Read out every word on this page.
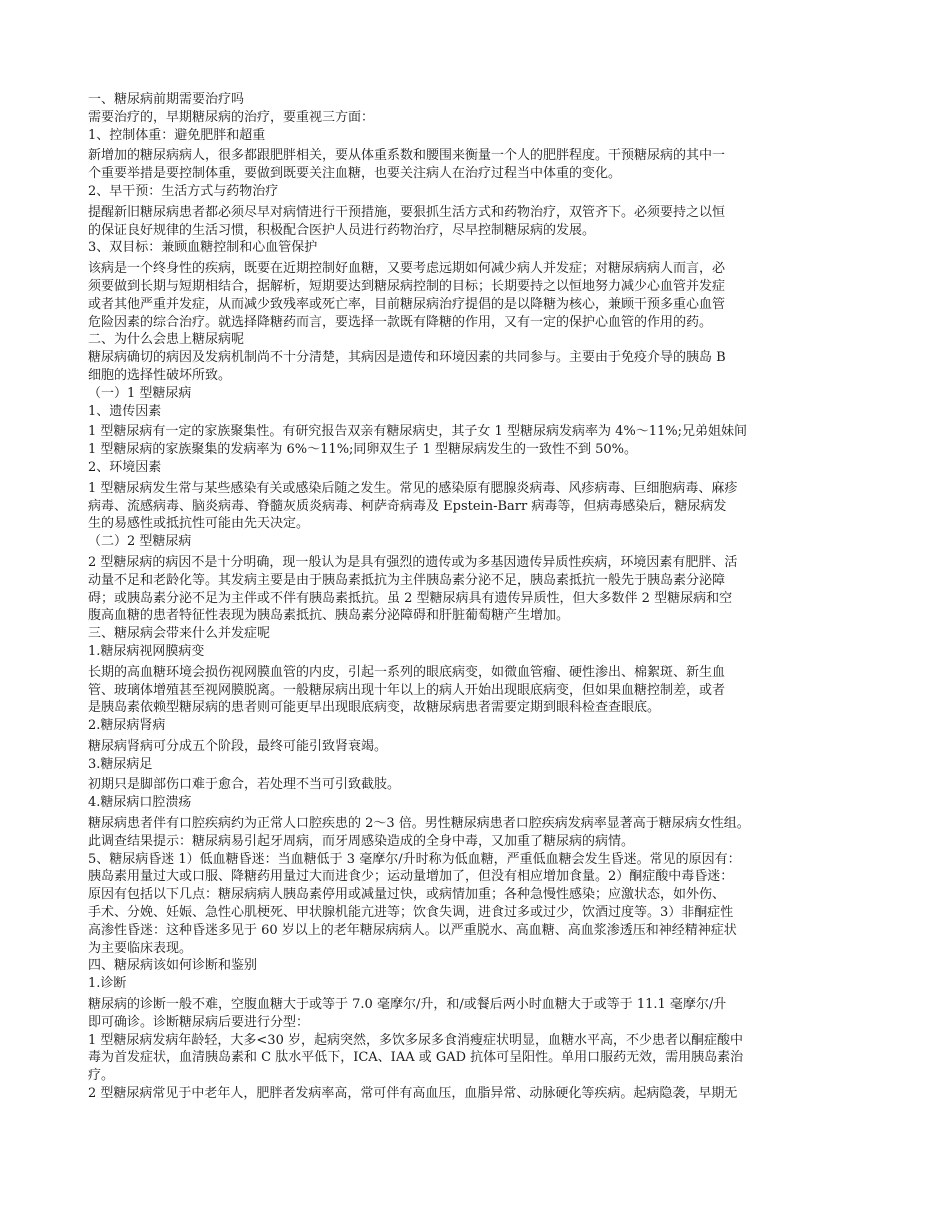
一、糖尿病前期需要治疗吗

需要治疗的，早期糖尿病的治疗，要重视三方面：

1、控制体重：避免肥胖和超重

新增加的糖尿病病人，很多都跟肥胖相关，要从体重系数和腰围来衡量一个人的肥胖程度。干预糖尿病的其中一

个重要举措是要控制体重，要做到既要关注血糖，也要关注病人在治疗过程当中体重的变化。

2、早干预：生活方式与药物治疗

提醒新旧糖尿病患者都必须尽早对病情进行干预措施，要狠抓生活方式和药物治疗，双管齐下。必须要持之以恒

的保证良好规律的生活习惯，积极配合医护人员进行药物治疗，尽早控制糖尿病的发展。

3、双目标：兼顾血糖控制和心血管保护

该病是一个终身性的疾病，既要在近期控制好血糖，又要考虑远期如何减少病人并发症；对糖尿病病人而言，必

须要做到长期与短期相结合，据解析，短期要达到糖尿病控制的目标；长期要持之以恒地努力减少心血管并发症

或者其他严重并发症，从而减少致残率或死亡率，目前糖尿病治疗提倡的是以降糖为核心，兼顾干预多重心血管

危险因素的综合治疗。就选择降糖药而言，要选择一款既有降糖的作用，又有一定的保护心血管的作用的药。

二、为什么会患上糖尿病呢

糖尿病确切的病因及发病机制尚不十分清楚，其病因是遗传和环境因素的共同参与。主要由于免疫介导的胰岛 B

细胞的选择性破坏所致。

（一）1 型糖尿病

1、遗传因素

1 型糖尿病有一定的家族聚集性。有研究报告双亲有糖尿病史，其子女 1 型糖尿病发病率为 4%～11%;兄弟姐妹间

1 型糖尿病的家族聚集的发病率为 6%～11%;同卵双生子 1 型糖尿病发生的一致性不到 50%。

2、环境因素

1 型糖尿病发生常与某些感染有关或感染后随之发生。常见的感染原有腮腺炎病毒、风疹病毒、巨细胞病毒、麻疹

病毒、流感病毒、脑炎病毒、脊髓灰质炎病毒、柯萨奇病毒及 Epstein-Barr 病毒等，但病毒感染后，糖尿病发

生的易感性或抵抗性可能由先天决定。

（二）2 型糖尿病

2 型糖尿病的病因不是十分明确，现一般认为是具有强烈的遗传或为多基因遗传异质性疾病，环境因素有肥胖、活

动量不足和老龄化等。其发病主要是由于胰岛素抵抗为主伴胰岛素分泌不足，胰岛素抵抗一般先于胰岛素分泌障

碍；或胰岛素分泌不足为主伴或不伴有胰岛素抵抗。虽 2 型糖尿病具有遗传异质性，但大多数伴 2 型糖尿病和空

腹高血糖的患者特征性表现为胰岛素抵抗、胰岛素分泌障碍和肝脏葡萄糖产生增加。

三、糖尿病会带来什么并发症呢

1.糖尿病视网膜病变

长期的高血糖环境会损伤视网膜血管的内皮，引起一系列的眼底病变，如微血管瘤、硬性渗出、棉絮斑、新生血

管、玻璃体增殖甚至视网膜脱离。一般糖尿病出现十年以上的病人开始出现眼底病变，但如果血糖控制差，或者

是胰岛素依赖型糖尿病的患者则可能更早出现眼底病变，故糖尿病患者需要定期到眼科检查查眼底。

2.糖尿病肾病

糖尿病肾病可分成五个阶段，最终可能引致肾衰竭。

3.糖尿病足

初期只是脚部伤口难于愈合，若处理不当可引致截肢。

4.糖尿病口腔溃疡

糖尿病患者伴有口腔疾病约为正常人口腔疾患的 2～3 倍。男性糖尿病患者口腔疾病发病率显著高于糖尿病女性组。

此调查结果提示：糖尿病易引起牙周病，而牙周感染造成的全身中毒，又加重了糖尿病的病情。

5、糖尿病昏迷 1）低血糖昏迷：当血糖低于 3 毫摩尔/升时称为低血糖，严重低血糖会发生昏迷。常见的原因有：

胰岛素用量过大或口服、降糖药用量过大而进食少；运动量增加了，但没有相应增加食量。2）酮症酸中毒昏迷：

原因有包括以下几点：糖尿病病人胰岛素停用或减量过快，或病情加重；各种急慢性感染；应激状态，如外伤、

手术、分娩、妊娠、急性心肌梗死、甲状腺机能亢进等；饮食失调，进食过多或过少，饮酒过度等。3）非酮症性

高渗性昏迷：这种昏迷多见于 60 岁以上的老年糖尿病病人。以严重脱水、高血糖、高血浆渗透压和神经精神症状

为主要临床表现。

四、糖尿病该如何诊断和鉴别

1.诊断

糖尿病的诊断一般不难，空腹血糖大于或等于 7.0 毫摩尔/升，和/或餐后两小时血糖大于或等于 11.1 毫摩尔/升

即可确诊。诊断糖尿病后要进行分型：

1 型糖尿病发病年龄轻，大多<30 岁，起病突然，多饮多尿多食消瘦症状明显，血糖水平高，不少患者以酮症酸中

毒为首发症状，血清胰岛素和 C 肽水平低下，ICA、IAA 或 GAD 抗体可呈阳性。单用口服药无效，需用胰岛素治

疗。

2 型糖尿病常见于中老年人，肥胖者发病率高，常可伴有高血压，血脂异常、动脉硬化等疾病。起病隐袭，早期无
